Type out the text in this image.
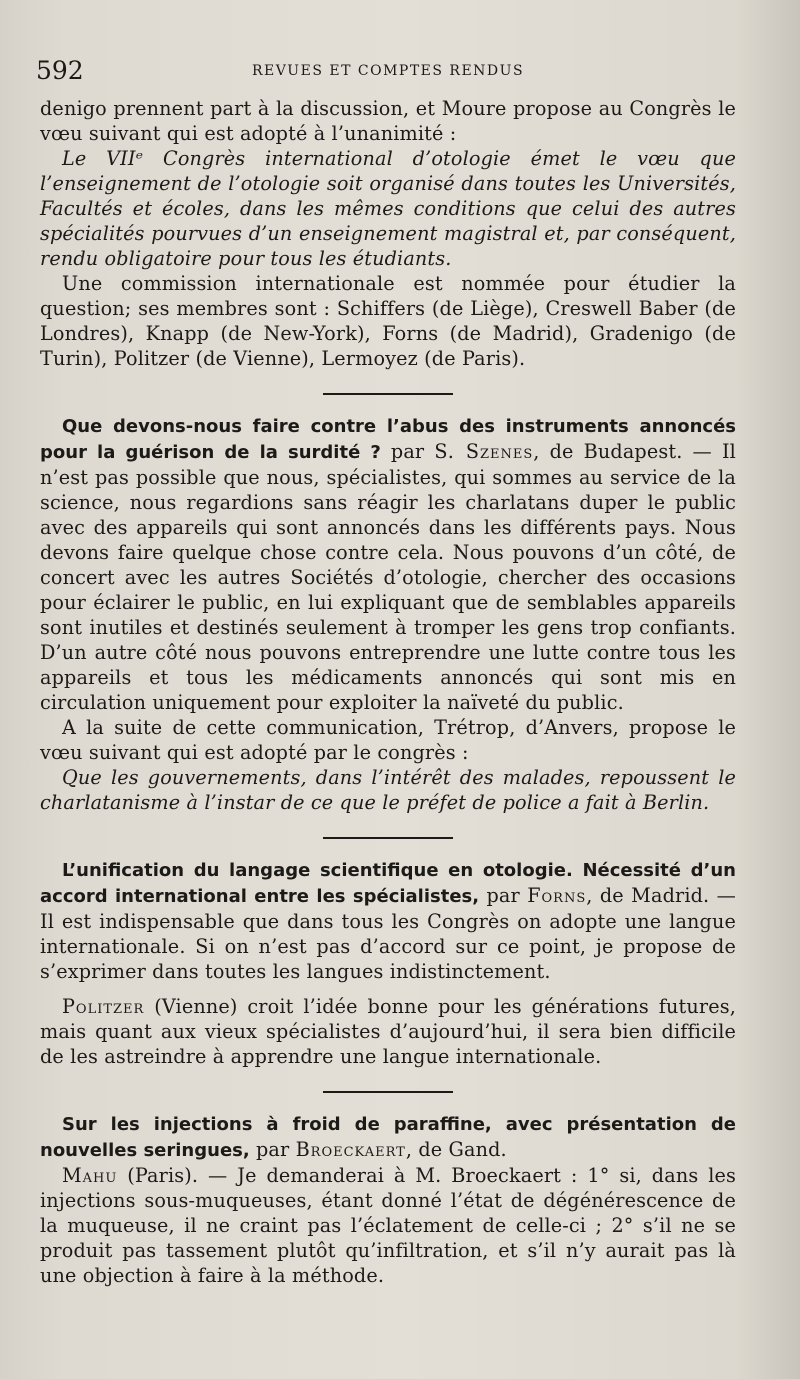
592	REVUES ET COMPTES RENDUS

denigo prennent part à la discussion, et Moure propose au Congrès le vœu suivant qui est adopté à l’unanimité :

Le VIIᵉ Congrès international d’otologie émet le vœu que l’enseignement de l’otologie soit organisé dans toutes les Universités, Facultés et écoles, dans les mêmes conditions que celui des autres spécialités pourvues d’un enseignement magistral et, par conséquent, rendu obligatoire pour tous les étudiants.

Une commission internationale est nommée pour étudier la question; ses membres sont : Schiffers (de Liège), Creswell Baber (de Londres), Knapp (de New-York), Forns (de Madrid), Gradenigo (de Turin), Politzer (de Vienne), Lermoyez (de Paris).

Que devons-nous faire contre l’abus des instruments annoncés pour la guérison de la surdité ? par S. Szenes, de Budapest. — Il n’est pas possible que nous, spécialistes, qui sommes au service de la science, nous regardions sans réagir les charlatans duper le public avec des appareils qui sont annoncés dans les différents pays. Nous devons faire quelque chose contre cela. Nous pouvons d’un côté, de concert avec les autres Sociétés d’otologie, chercher des occasions pour éclairer le public, en lui expliquant que de semblables appareils sont inutiles et destinés seulement à tromper les gens trop confiants. D’un autre côté nous pouvons entreprendre une lutte contre tous les appareils et tous les médicaments annoncés qui sont mis en circulation uniquement pour exploiter la naïveté du public.

A la suite de cette communication, Trétrop, d’Anvers, propose le vœu suivant qui est adopté par le congrès :

Que les gouvernements, dans l’intérêt des malades, repoussent le charlatanisme à l’instar de ce que le préfet de police a fait à Berlin.

L’unification du langage scientifique en otologie. Nécessité d’un accord international entre les spécialistes, par Forns, de Madrid. — Il est indispensable que dans tous les Congrès on adopte une langue internationale. Si on n’est pas d’accord sur ce point, je propose de s’exprimer dans toutes les langues indistinctement.

Politzer (Vienne) croit l’idée bonne pour les générations futures, mais quant aux vieux spécialistes d’aujourd’hui, il sera bien difficile de les astreindre à apprendre une langue internationale.

Sur les injections à froid de paraffine, avec présentation de nouvelles seringues, par Broeckaert, de Gand.

Mahu (Paris). — Je demanderai à M. Broeckaert : 1° si, dans les injections sous-muqueuses, étant donné l’état de dégénérescence de la muqueuse, il ne craint pas l’éclatement de celle-ci ; 2° s’il ne se produit pas tassement plutôt qu’infiltration, et s’il n’y aurait pas là une objection à faire à la méthode.
